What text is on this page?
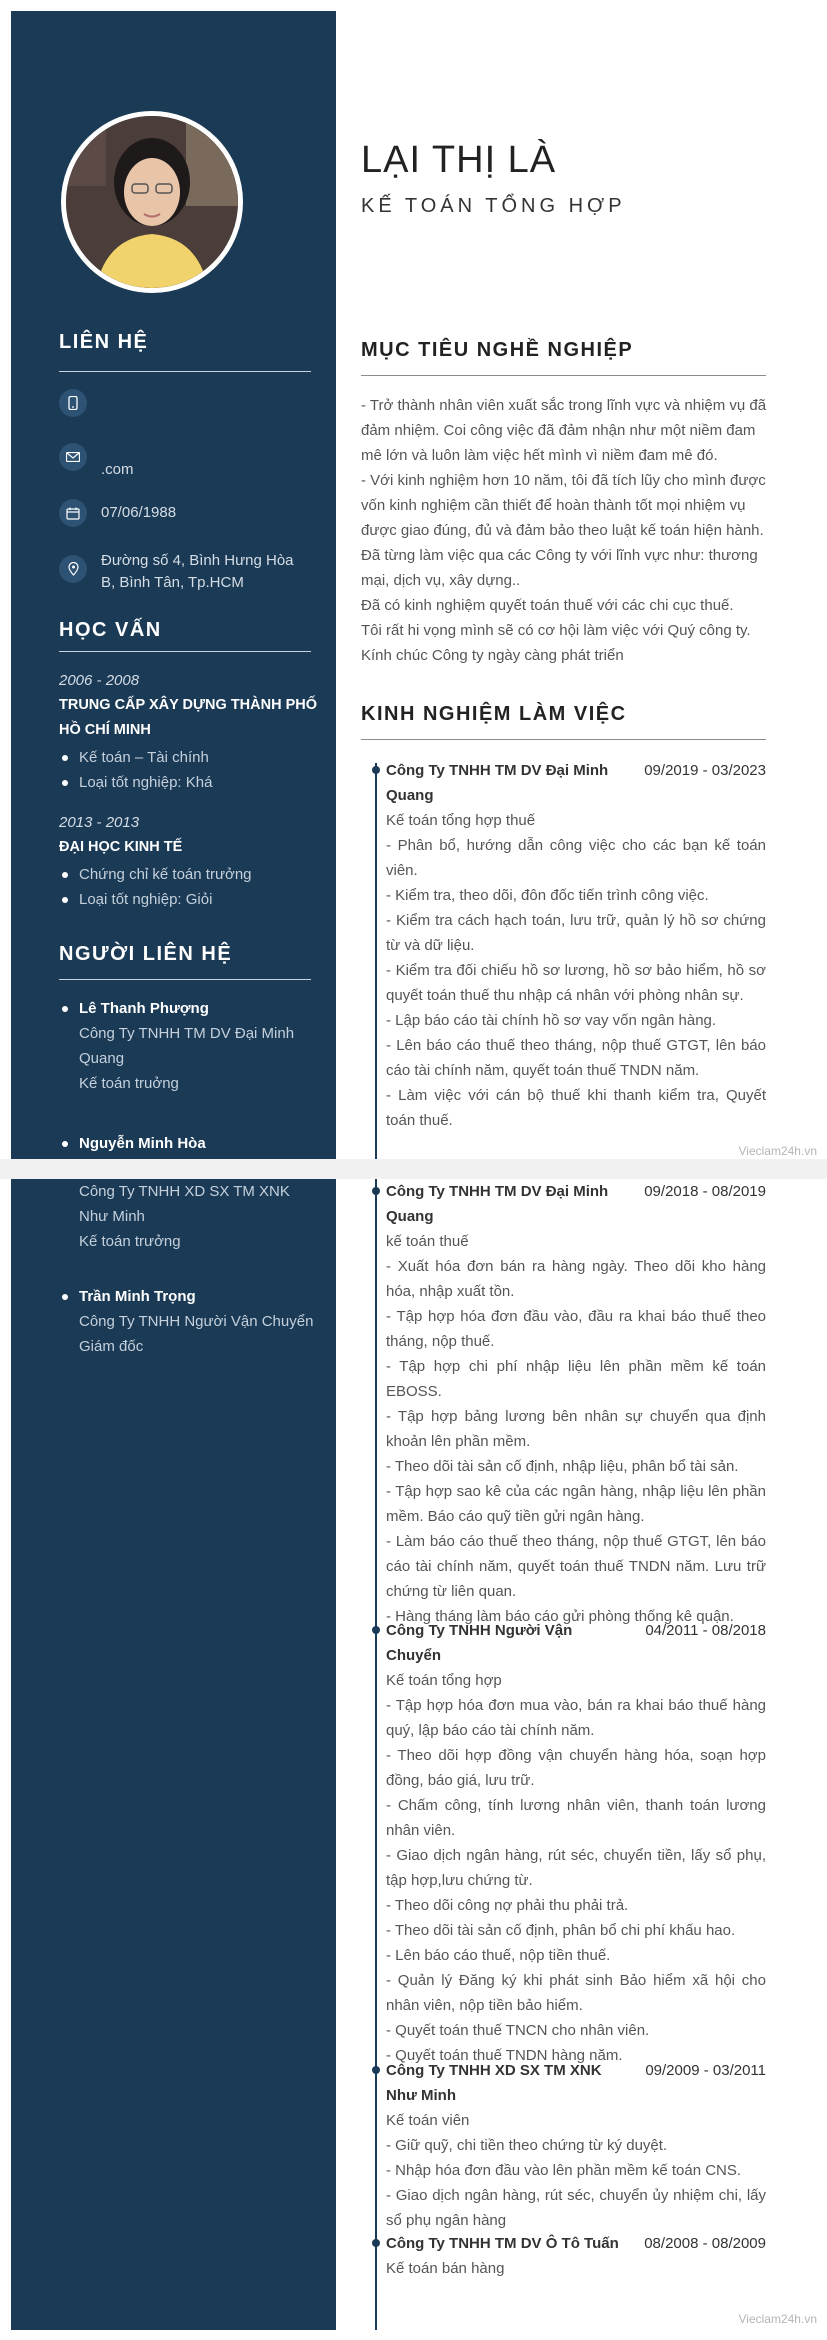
LIÊN HỆ
.com
07/06/1988
Đường số 4, Bình Hưng Hòa B, Bình Tân, Tp.HCM
HỌC VẤN
2006 - 2008
TRUNG CẤP XÂY DỰNG THÀNH PHỐ HỒ CHÍ MINH
Kế toán – Tài chính
Loại tốt nghiệp: Khá
2013 - 2013
ĐẠI HỌC KINH TẾ
Chứng chỉ kế toán trưởng
Loại tốt nghiệp: Giỏi
NGƯỜI LIÊN HỆ
Lê Thanh Phượng
Công Ty TNHH TM DV Đại Minh Quang
Kế toán truởng
Nguyễn Minh Hòa
LẠI THỊ LÀ
KẾ TOÁN TỔNG HỢP
MỤC TIÊU NGHỀ NGHIỆP
- Trở thành nhân viên xuất sắc trong lĩnh vực và nhiệm vụ đã đảm nhiệm. Coi công việc đã đảm nhận như một niềm đam mê lớn và luôn làm việc hết mình vì niềm đam mê đó.
- Với kinh nghiệm hơn 10 năm, tôi đã tích lũy cho mình được vốn kinh nghiệm cần thiết để hoàn thành tốt mọi nhiệm vụ được giao đúng, đủ và đảm bảo theo luật kế toán hiện hành.
Đã từng làm việc qua các Công ty với lĩnh vực như: thương mại, dịch vụ, xây dựng..
Đã có kinh nghiệm quyết toán thuế với các chi cục thuế.
Tôi rất hi vọng mình sẽ có cơ hội làm việc với Quý công ty.
Kính chúc Công ty ngày càng phát triển
KINH NGHIỆM LÀM VIỆC
Công Ty TNHH TM DV Đại Minh Quang
09/2019 - 03/2023
Kế toán tổng hợp thuế
- Phân bổ, hướng dẫn công việc cho các bạn kế toán viên.
- Kiểm tra, theo dõi, đôn đốc tiến trình công việc.
- Kiểm tra cách hạch toán, lưu trữ, quản lý hồ sơ chứng từ và dữ liệu.
- Kiểm tra đối chiếu hồ sơ lương, hồ sơ bảo hiểm, hồ sơ quyết toán thuế thu nhập cá nhân với phòng nhân sự.
- Lập báo cáo tài chính hồ sơ vay vốn ngân hàng.
- Lên báo cáo thuế theo tháng, nộp thuế GTGT, lên báo cáo tài chính năm, quyết toán thuế TNDN năm.
- Làm việc với cán bộ thuế khi thanh kiểm tra, Quyết toán thuế.
Vieclam24h.vn
Công Ty TNHH XD SX TM XNK Như Minh
Kế toán trưởng
Trần Minh Trọng
Công Ty TNHH Người Vận Chuyển
Giám đốc
Công Ty TNHH TM DV Đại Minh Quang
09/2018 - 08/2019
kế toán thuế
- Xuất hóa đơn bán ra hàng ngày. Theo dõi kho hàng hóa, nhập xuất tồn.
- Tập hợp hóa đơn đầu vào, đầu ra khai báo thuế theo tháng, nộp thuế.
- Tập hợp chi phí nhập liệu lên phần mềm kế toán EBOSS.
- Tập hợp bảng lương bên nhân sự chuyển qua định khoản lên phần mềm.
- Theo dõi tài sản cố định, nhập liệu, phân bổ tài sản.
- Tập hợp sao kê của các ngân hàng, nhập liệu lên phần mềm. Báo cáo quỹ tiền gửi ngân hàng.
- Làm báo cáo thuế theo tháng, nộp thuế GTGT, lên báo cáo tài chính năm, quyết toán thuế TNDN năm. Lưu trữ chứng từ liên quan.
- Hàng tháng làm báo cáo gửi phòng thống kê quận.
Công Ty TNHH Người Vận Chuyển
04/2011 - 08/2018
Kế toán tổng hợp
- Tập hợp hóa đơn mua vào, bán ra khai báo thuế hàng quý, lập báo cáo tài chính năm.
- Theo dõi hợp đồng vận chuyển hàng hóa, soạn hợp đồng, báo giá, lưu trữ.
- Chấm công, tính lương nhân viên, thanh toán lương nhân viên.
- Giao dịch ngân hàng, rút séc, chuyển tiền, lấy sổ phụ, tập hợp,lưu chứng từ.
- Theo dõi công nợ phải thu phải trả.
- Theo dõi tài sản cố định, phân bổ chi phí khấu hao.
- Lên báo cáo thuế, nộp tiền thuế.
- Quản lý Đăng ký khi phát sinh Bảo hiểm xã hội cho nhân viên, nộp tiền bảo hiểm.
- Quyết toán thuế TNCN cho nhân viên.
- Quyết toán thuế TNDN hàng năm.
Công Ty TNHH XD SX TM XNK Như Minh
09/2009 - 03/2011
Kế toán viên
- Giữ quỹ, chi tiền theo chứng từ ký duyệt.
- Nhập hóa đơn đầu vào lên phần mềm kế toán CNS.
- Giao dịch ngân hàng, rút séc, chuyển ủy nhiệm chi, lấy sổ phụ ngân hàng
Công Ty TNHH TM DV Ô Tô Tuấn	08/2008 - 08/2009
Kế toán bán hàng
Vieclam24h.vn
